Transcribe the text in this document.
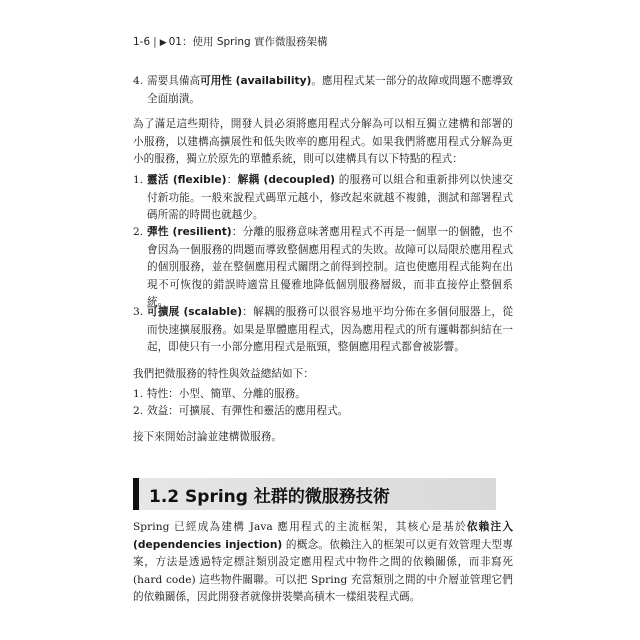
1-6 | ▶ 01：使用 Spring 實作微服務架構
4. 需要具備高可用性 (availability)。應用程式某一部分的故障或問題不應導致全面崩潰。
為了滿足這些期待，開發人員必須將應用程式分解為可以相互獨立建構和部署的小服務，以建構高擴展性和低失敗率的應用程式。如果我們將應用程式分解為更小的服務，獨立於原先的單體系統，則可以建構具有以下特點的程式：
1. 靈活 (flexible)：解耦 (decoupled) 的服務可以組合和重新排列以快速交付新功能。一般來說程式碼單元越小，修改起來就越不複雜，測試和部署程式碼所需的時間也就越少。
2. 彈性 (resilient)：分離的服務意味著應用程式不再是一個單一的個體，也不會因為一個服務的問題而導致整個應用程式的失敗。故障可以局限於應用程式的個別服務，並在整個應用程式關閉之前得到控制。這也使應用程式能夠在出現不可恢復的錯誤時適當且優雅地降低個別服務層級，而非直接停止整個系統。
3. 可擴展 (scalable)：解耦的服務可以很容易地平均分佈在多個伺服器上，從而快速擴展服務。如果是單體應用程式，因為應用程式的所有邏輯都糾結在一起，即使只有一小部分應用程式是瓶頸，整個應用程式都會被影響。
我們把微服務的特性與效益總結如下：
1. 特性：小型、簡單、分離的服務。
2. 效益：可擴展、有彈性和靈活的應用程式。
接下來開始討論並建構微服務。
1.2 Spring 社群的微服務技術
Spring 已經成為建構 Java 應用程式的主流框架，其核心是基於依賴注入 (dependencies injection) 的概念。依賴注入的框架可以更有效管理大型專案，方法是透過特定標註類別設定應用程式中物件之間的依賴關係，而非寫死 (hard code) 這些物件關聯。可以把 Spring 充當類別之間的中介層並管理它們的依賴關係，因此開發者就像拼裝樂高積木一樣組裝程式碼。
